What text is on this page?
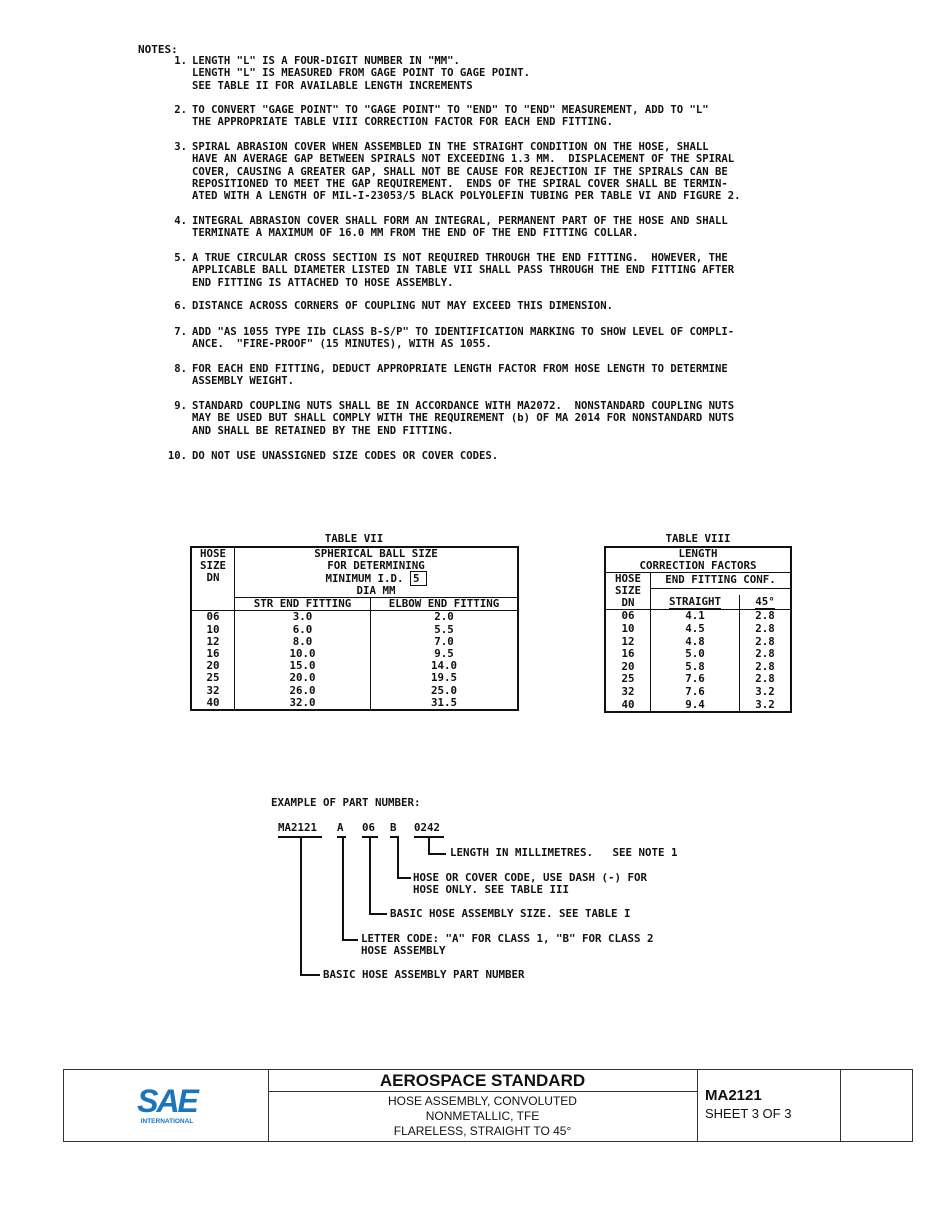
NOTES:
1. LENGTH "L" IS A FOUR-DIGIT NUMBER IN "MM".
LENGTH "L" IS MEASURED FROM GAGE POINT TO GAGE POINT.
SEE TABLE II FOR AVAILABLE LENGTH INCREMENTS
2. TO CONVERT "GAGE POINT" TO "GAGE POINT" TO "END" TO "END" MEASUREMENT, ADD TO "L"
THE APPROPRIATE TABLE VIII CORRECTION FACTOR FOR EACH END FITTING.
3. SPIRAL ABRASION COVER WHEN ASSEMBLED IN THE STRAIGHT CONDITION ON THE HOSE, SHALL
HAVE AN AVERAGE GAP BETWEEN SPIRALS NOT EXCEEDING 1.3 MM.  DISPLACEMENT OF THE SPIRAL
COVER, CAUSING A GREATER GAP, SHALL NOT BE CAUSE FOR REJECTION IF THE SPIRALS CAN BE
REPOSITIONED TO MEET THE GAP REQUIREMENT.  ENDS OF THE SPIRAL COVER SHALL BE TERMIN-
ATED WITH A LENGTH OF MIL-I-23053/5 BLACK POLYOLEFIN TUBING PER TABLE VI AND FIGURE 2.
4. INTEGRAL ABRASION COVER SHALL FORM AN INTEGRAL, PERMANENT PART OF THE HOSE AND SHALL
TERMINATE A MAXIMUM OF 16.0 MM FROM THE END OF THE END FITTING COLLAR.
5. A TRUE CIRCULAR CROSS SECTION IS NOT REQUIRED THROUGH THE END FITTING.  HOWEVER, THE
APPLICABLE BALL DIAMETER LISTED IN TABLE VII SHALL PASS THROUGH THE END FITTING AFTER
END FITTING IS ATTACHED TO HOSE ASSEMBLY.
6. DISTANCE ACROSS CORNERS OF COUPLING NUT MAY EXCEED THIS DIMENSION.
7. ADD "AS 1055 TYPE IIb CLASS B-S/P" TO IDENTIFICATION MARKING TO SHOW LEVEL OF COMPLI-
ANCE.  "FIRE-PROOF" (15 MINUTES), WITH AS 1055.
8. FOR EACH END FITTING, DEDUCT APPROPRIATE LENGTH FACTOR FROM HOSE LENGTH TO DETERMINE
ASSEMBLY WEIGHT.
9. STANDARD COUPLING NUTS SHALL BE IN ACCORDANCE WITH MA2072.  NONSTANDARD COUPLING NUTS
MAY BE USED BUT SHALL COMPLY WITH THE REQUIREMENT (b) OF MA 2014 FOR NONSTANDARD NUTS
AND SHALL BE RETAINED BY THE END FITTING.
10. DO NOT USE UNASSIGNED SIZE CODES OR COVER CODES.
TABLE VII
HOSE
SIZE
DN	SPHERICAL BALL SIZE	
	FOR DETERMINING	
	MINIMUM I.D. 5	
	DIA MM	
	STR END FITTING	ELBOW END FITTING
06	3.0	2.0
10	6.0	5.5
12	8.0	7.0
16	10.0	9.5
20	15.0	14.0
25	20.0	19.5
32	26.0	25.0
40	32.0	31.5
TABLE VIII
LENGTH		
CORRECTION FACTORS		

HOSE
SIZE
DN	END FITTING CONF.	

	STRAIGHT	45°
06	4.1	2.8
10	4.5	2.8
12	4.8	2.8
16	5.0	2.8
20	5.8	2.8
25	7.6	2.8
32	7.6	3.2
40	9.4	3.2
EXAMPLE OF PART NUMBER:
MA2121 A 06 B 0242
LENGTH IN MILLIMETRES.   SEE NOTE 1
HOSE OR COVER CODE, USE DASH (-) FOR
HOSE ONLY. SEE TABLE III
BASIC HOSE ASSEMBLY SIZE. SEE TABLE I
LETTER CODE: "A" FOR CLASS 1, "B" FOR CLASS 2
HOSE ASSEMBLY
BASIC HOSE ASSEMBLY PART NUMBER
SAE
INTERNATIONAL
AEROSPACE STANDARD
HOSE ASSEMBLY, CONVOLUTED
NONMETALLIC, TFE
FLARELESS, STRAIGHT TO 45°
MA2121
SHEET 3 OF 3
